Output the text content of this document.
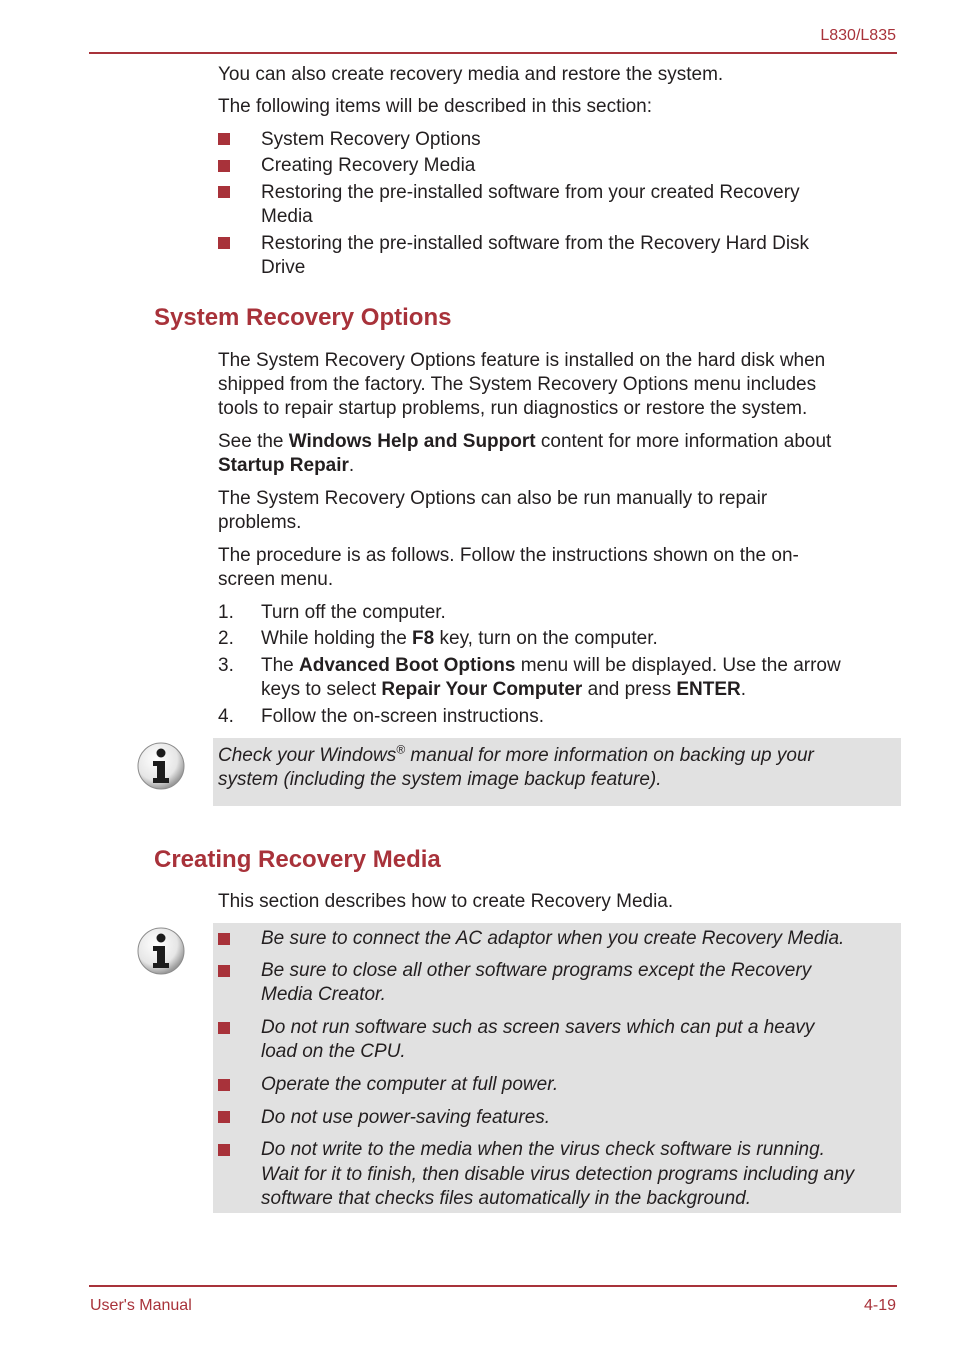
L830/L835

You can also create recovery media and restore the system.

The following items will be described in this section:

System Recovery Options

Creating Recovery Media

Restoring the pre-installed software from your created Recovery

Media

Restoring the pre-installed software from the Recovery Hard Disk

Drive

System Recovery Options

The System Recovery Options feature is installed on the hard disk when

shipped from the factory. The System Recovery Options menu includes

tools to repair startup problems, run diagnostics or restore the system.

See the Windows Help and Support content for more information about

Startup Repair.

The System Recovery Options can also be run manually to repair

problems.

The procedure is as follows. Follow the instructions shown on the on-

screen menu.

1. Turn off the computer.

2. While holding the F8 key, turn on the computer.

3. The Advanced Boot Options menu will be displayed. Use the arrow

keys to select Repair Your Computer and press ENTER.

4. Follow the on-screen instructions.

Check your Windows® manual for more information on backing up your

system (including the system image backup feature).

Creating Recovery Media

This section describes how to create Recovery Media.

Be sure to connect the AC adaptor when you create Recovery Media.

Be sure to close all other software programs except the Recovery

Media Creator.

Do not run software such as screen savers which can put a heavy

load on the CPU.

Operate the computer at full power.

Do not use power-saving features.

Do not write to the media when the virus check software is running.

Wait for it to finish, then disable virus detection programs including any

software that checks files automatically in the background.

User's Manual	4-19
